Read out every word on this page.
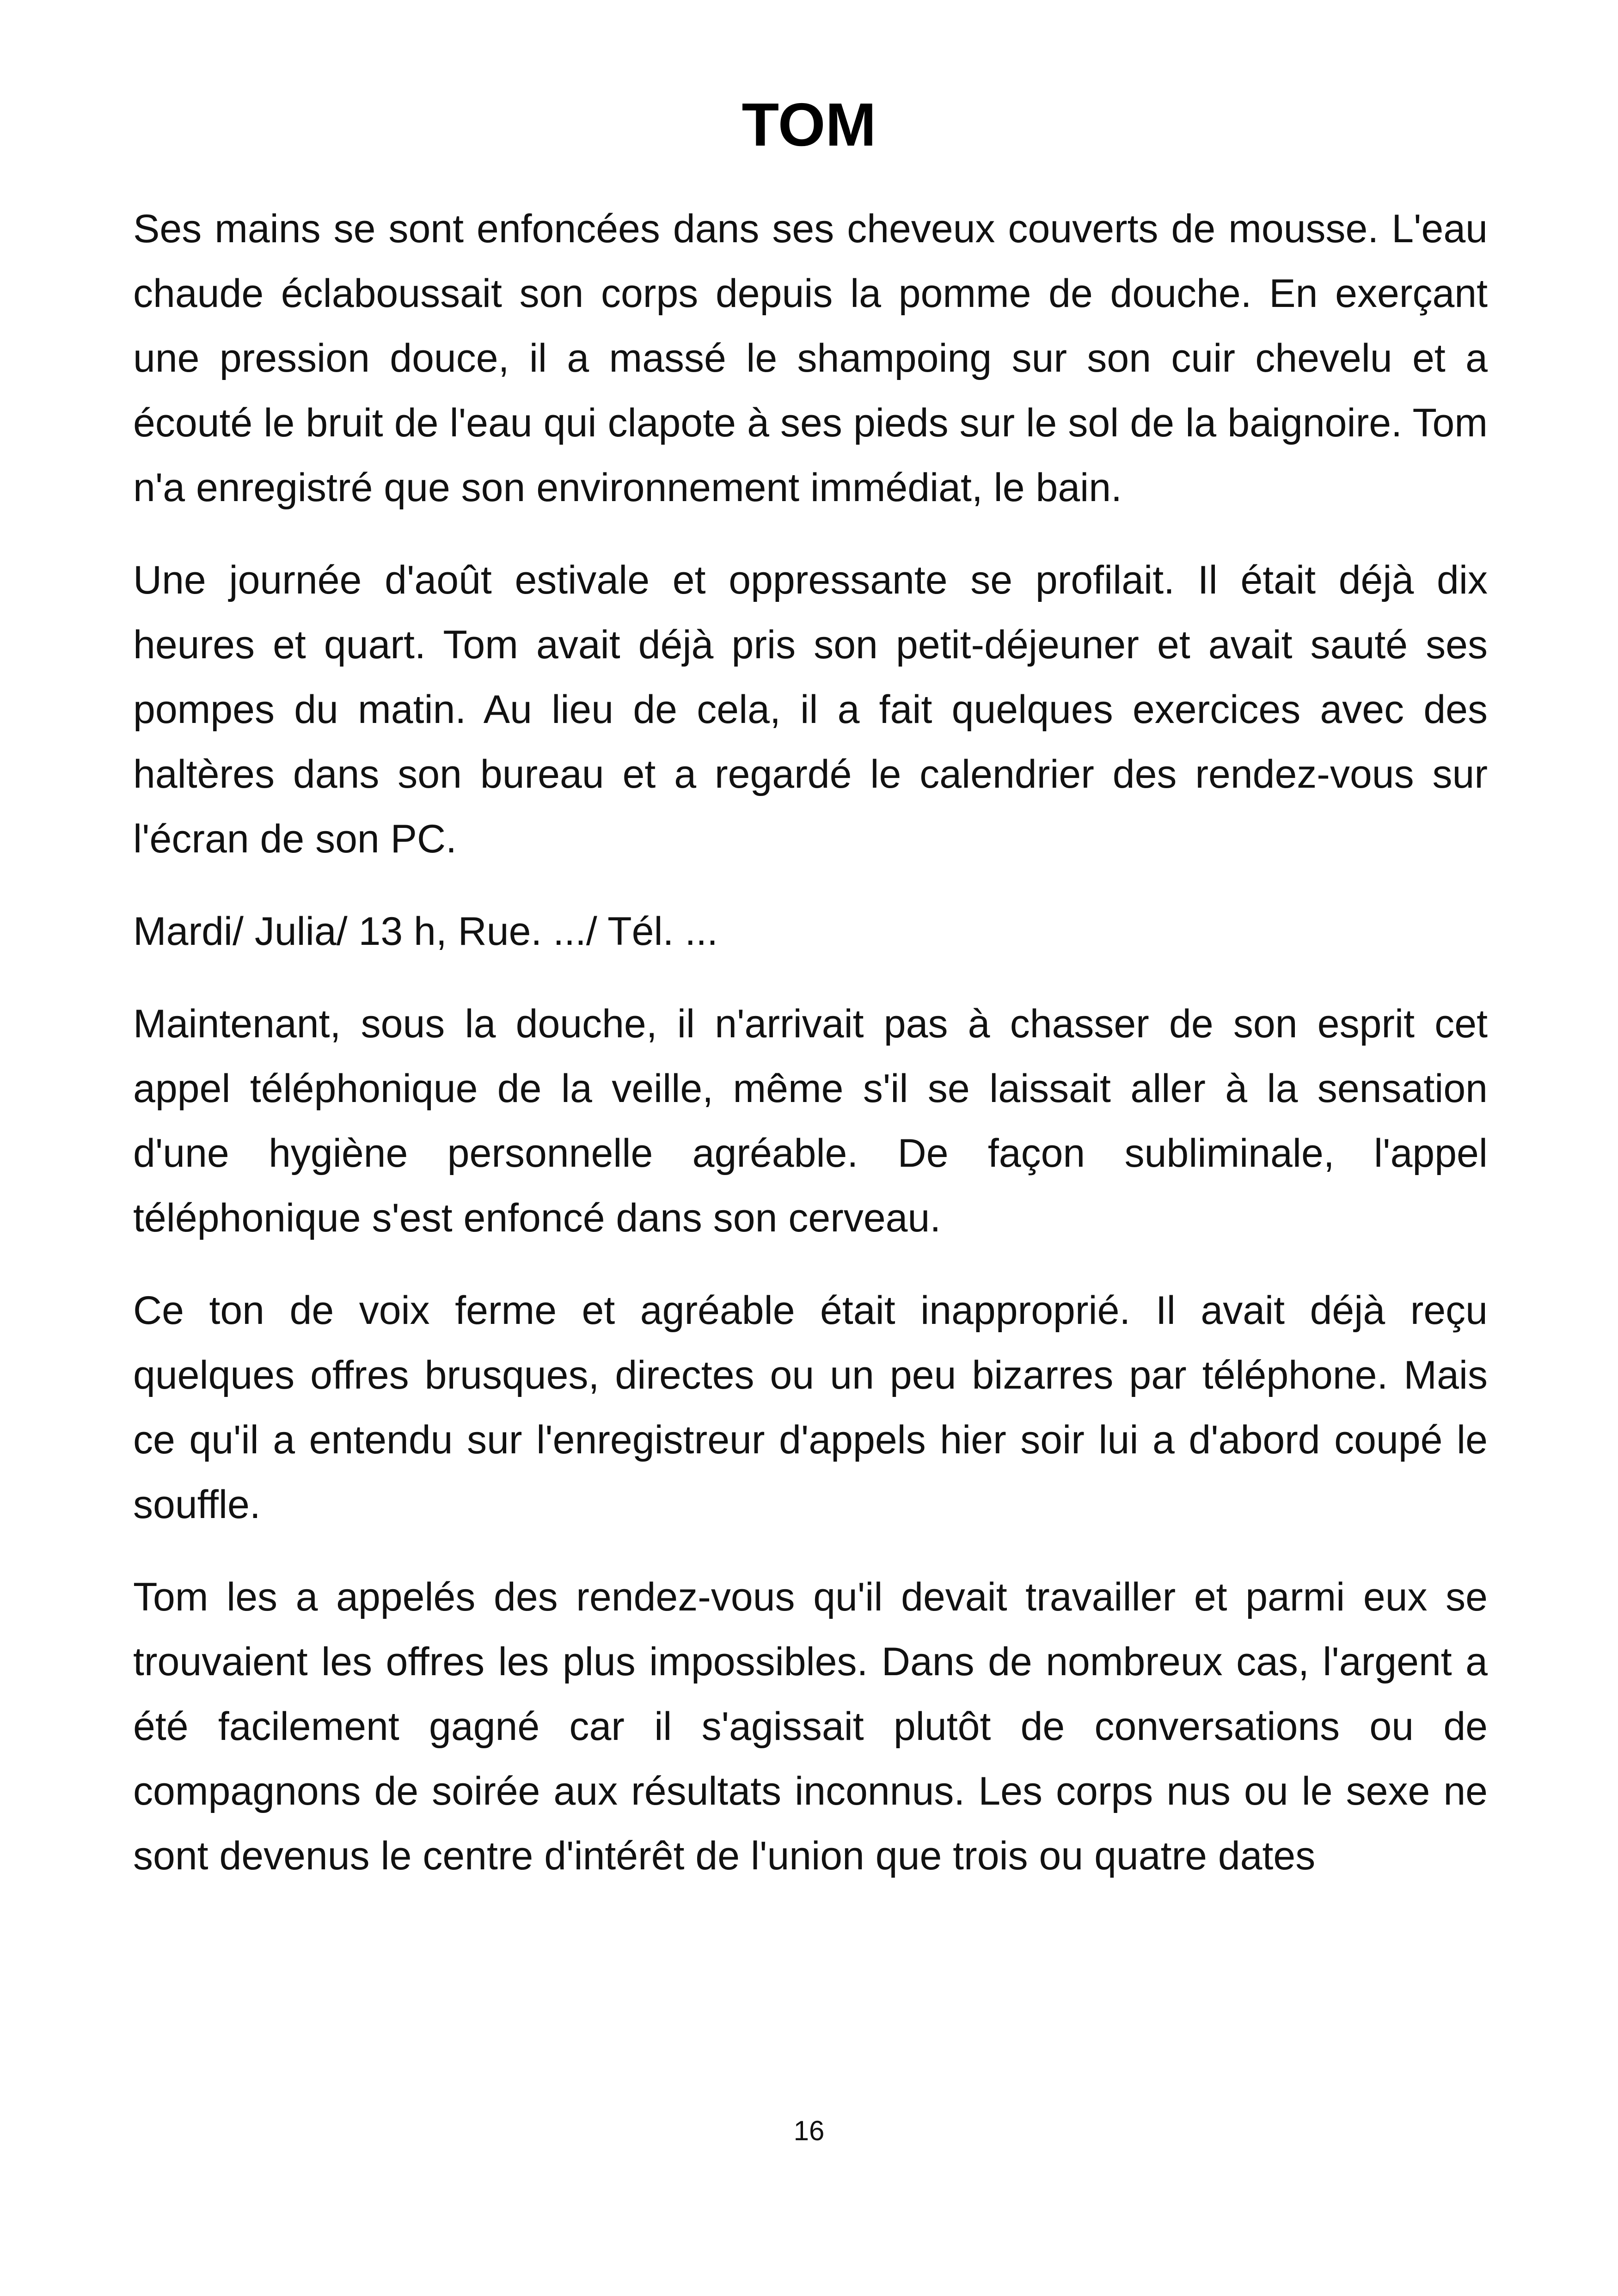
TOM

Ses mains se sont enfoncées dans ses cheveux couverts de mousse. L'eau chaude éclaboussait son corps depuis la pomme de douche. En exerçant une pression douce, il a massé le shampoing sur son cuir chevelu et a écouté le bruit de l'eau qui clapote à ses pieds sur le sol de la baignoire. Tom n'a enregistré que son environnement immédiat, le bain.

Une journée d'août estivale et oppressante se profilait. Il était déjà dix heures et quart. Tom avait déjà pris son petit-déjeuner et avait sauté ses pompes du matin. Au lieu de cela, il a fait quelques exercices avec des haltères dans son bureau et a regardé le calendrier des rendez-vous sur l'écran de son PC.

Mardi/ Julia/ 13 h, Rue. .../ Tél. ...

Maintenant, sous la douche, il n'arrivait pas à chasser de son esprit cet appel téléphonique de la veille, même s'il se laissait aller à la sensation d'une hygiène personnelle agréable. De façon subliminale, l'appel téléphonique s'est enfoncé dans son cerveau.

Ce ton de voix ferme et agréable était inapproprié. Il avait déjà reçu quelques offres brusques, directes ou un peu bizarres par téléphone. Mais ce qu'il a entendu sur l'enregistreur d'appels hier soir lui a d'abord coupé le souffle.

Tom les a appelés des rendez-vous qu'il devait travailler et parmi eux se trouvaient les offres les plus impossibles. Dans de nombreux cas, l'argent a été facilement gagné car il s'agissait plutôt de conversations ou de compagnons de soirée aux résultats inconnus. Les corps nus ou le sexe ne sont devenus le centre d'intérêt de l'union que trois ou quatre dates

16
